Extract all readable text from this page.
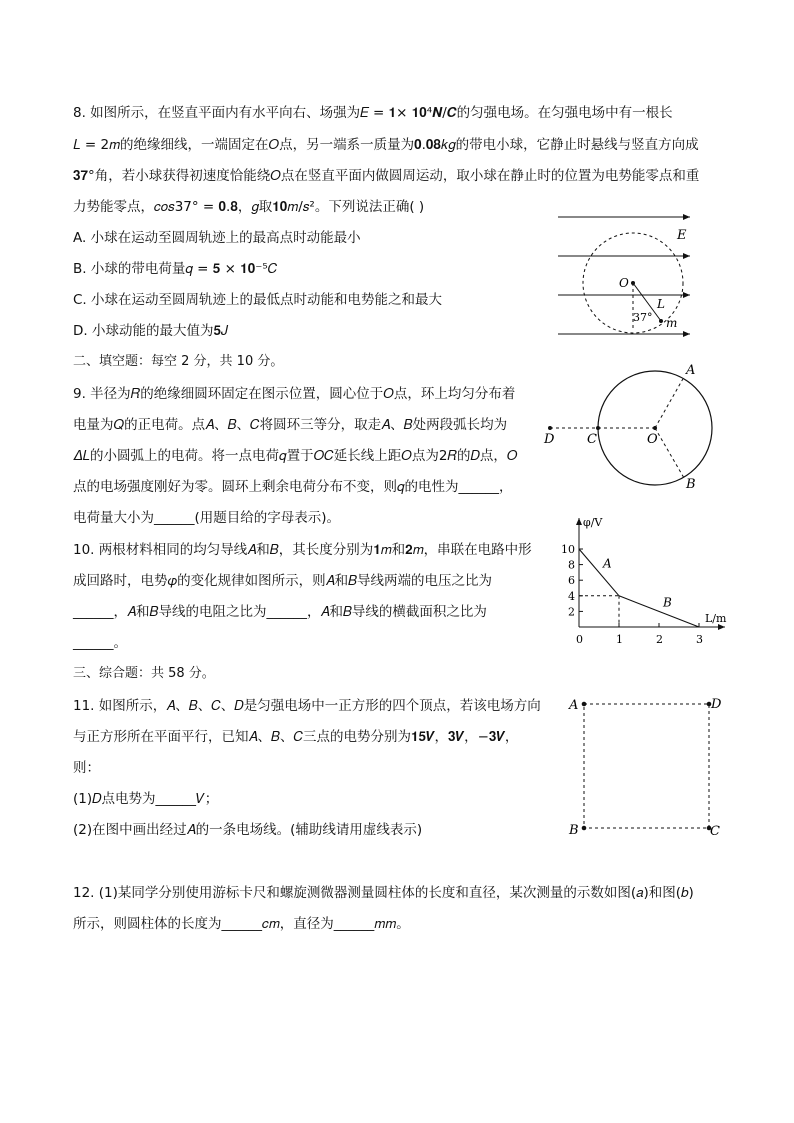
8. 如图所示，在竖直平面内有水平向右、场强为𝐸 = 𝟏× 𝟏𝟎⁴𝑵/𝑪的匀强电场。在匀强电场中有一根长
𝐿 = 2𝑚的绝缘细线，一端固定在𝑂点，另一端系一质量为𝟎.𝟎𝟖𝑘𝑔的带电小球，它静止时悬线与竖直方向成
𝟑𝟕°角，若小球获得初速度恰能绕𝑂点在竖直平面内做圆周运动，取小球在静止时的位置为电势能零点和重
力势能零点，𝑐𝑜𝑠37° = 𝟎.𝟖，𝑔取𝟏𝟎𝑚/𝑠²。下列说法正确( )
A. 小球在运动至圆周轨迹上的最高点时动能最小
B. 小球的带电荷量𝑞 = 𝟓 × 𝟏𝟎⁻⁵𝐶
C. 小球在运动至圆周轨迹上的最低点时动能和电势能之和最大
D. 小球动能的最大值为𝟓𝐽
E
O
L
37° m
二、填空题：每空 2 分，共 10 分。
9. 半径为𝑅的绝缘细圆环固定在图示位置，圆心位于𝑂点，环上均匀分布着
电量为𝑄的正电荷。点𝐴、𝐵、𝐶将圆环三等分，取走𝐴、𝐵处两段弧长均为
𝛥𝐿的小圆弧上的电荷。将一点电荷𝑞置于𝑂𝐶延长线上距𝑂点为2𝑅的𝐷点，𝑂
点的电场强度刚好为零。圆环上剩余电荷分布不变，则𝑞的电性为______，
电荷量大小为______(用题目给的字母表示)。
A
B
C
D	O
10. 两根材料相同的均匀导线𝐴和𝐵，其长度分别为𝟏𝑚和𝟐𝑚，串联在电路中形
成回路时，电势𝜑的变化规律如图所示，则𝐴和𝐵导线两端的电压之比为
______，𝐴和𝐵导线的电阻之比为______，𝐴和𝐵导线的横截面积之比为
______。
φ/V
L/m
0	1	2	3
2
4
6
8
10
A
B
三、综合题：共 58 分。
11. 如图所示，𝐴、𝐵、𝐶、𝐷是匀强电场中一正方形的四个顶点，若该电场方向
与正方形所在平面平行，已知𝐴、𝐵、𝐶三点的电势分别为𝟏𝟓𝑽，𝟑𝑽，−𝟑𝑽，
则：
(1)𝐷点电势为______𝑉；
(2)在图中画出经过𝐴的一条电场线。(辅助线请用虚线表示)
A	D
B	C
12. (1)某同学分别使用游标卡尺和螺旋测微器测量圆柱体的长度和直径，某次测量的示数如图(𝑎)和图(𝑏)
所示，则圆柱体的长度为______𝑐𝑚，直径为______𝑚𝑚。
